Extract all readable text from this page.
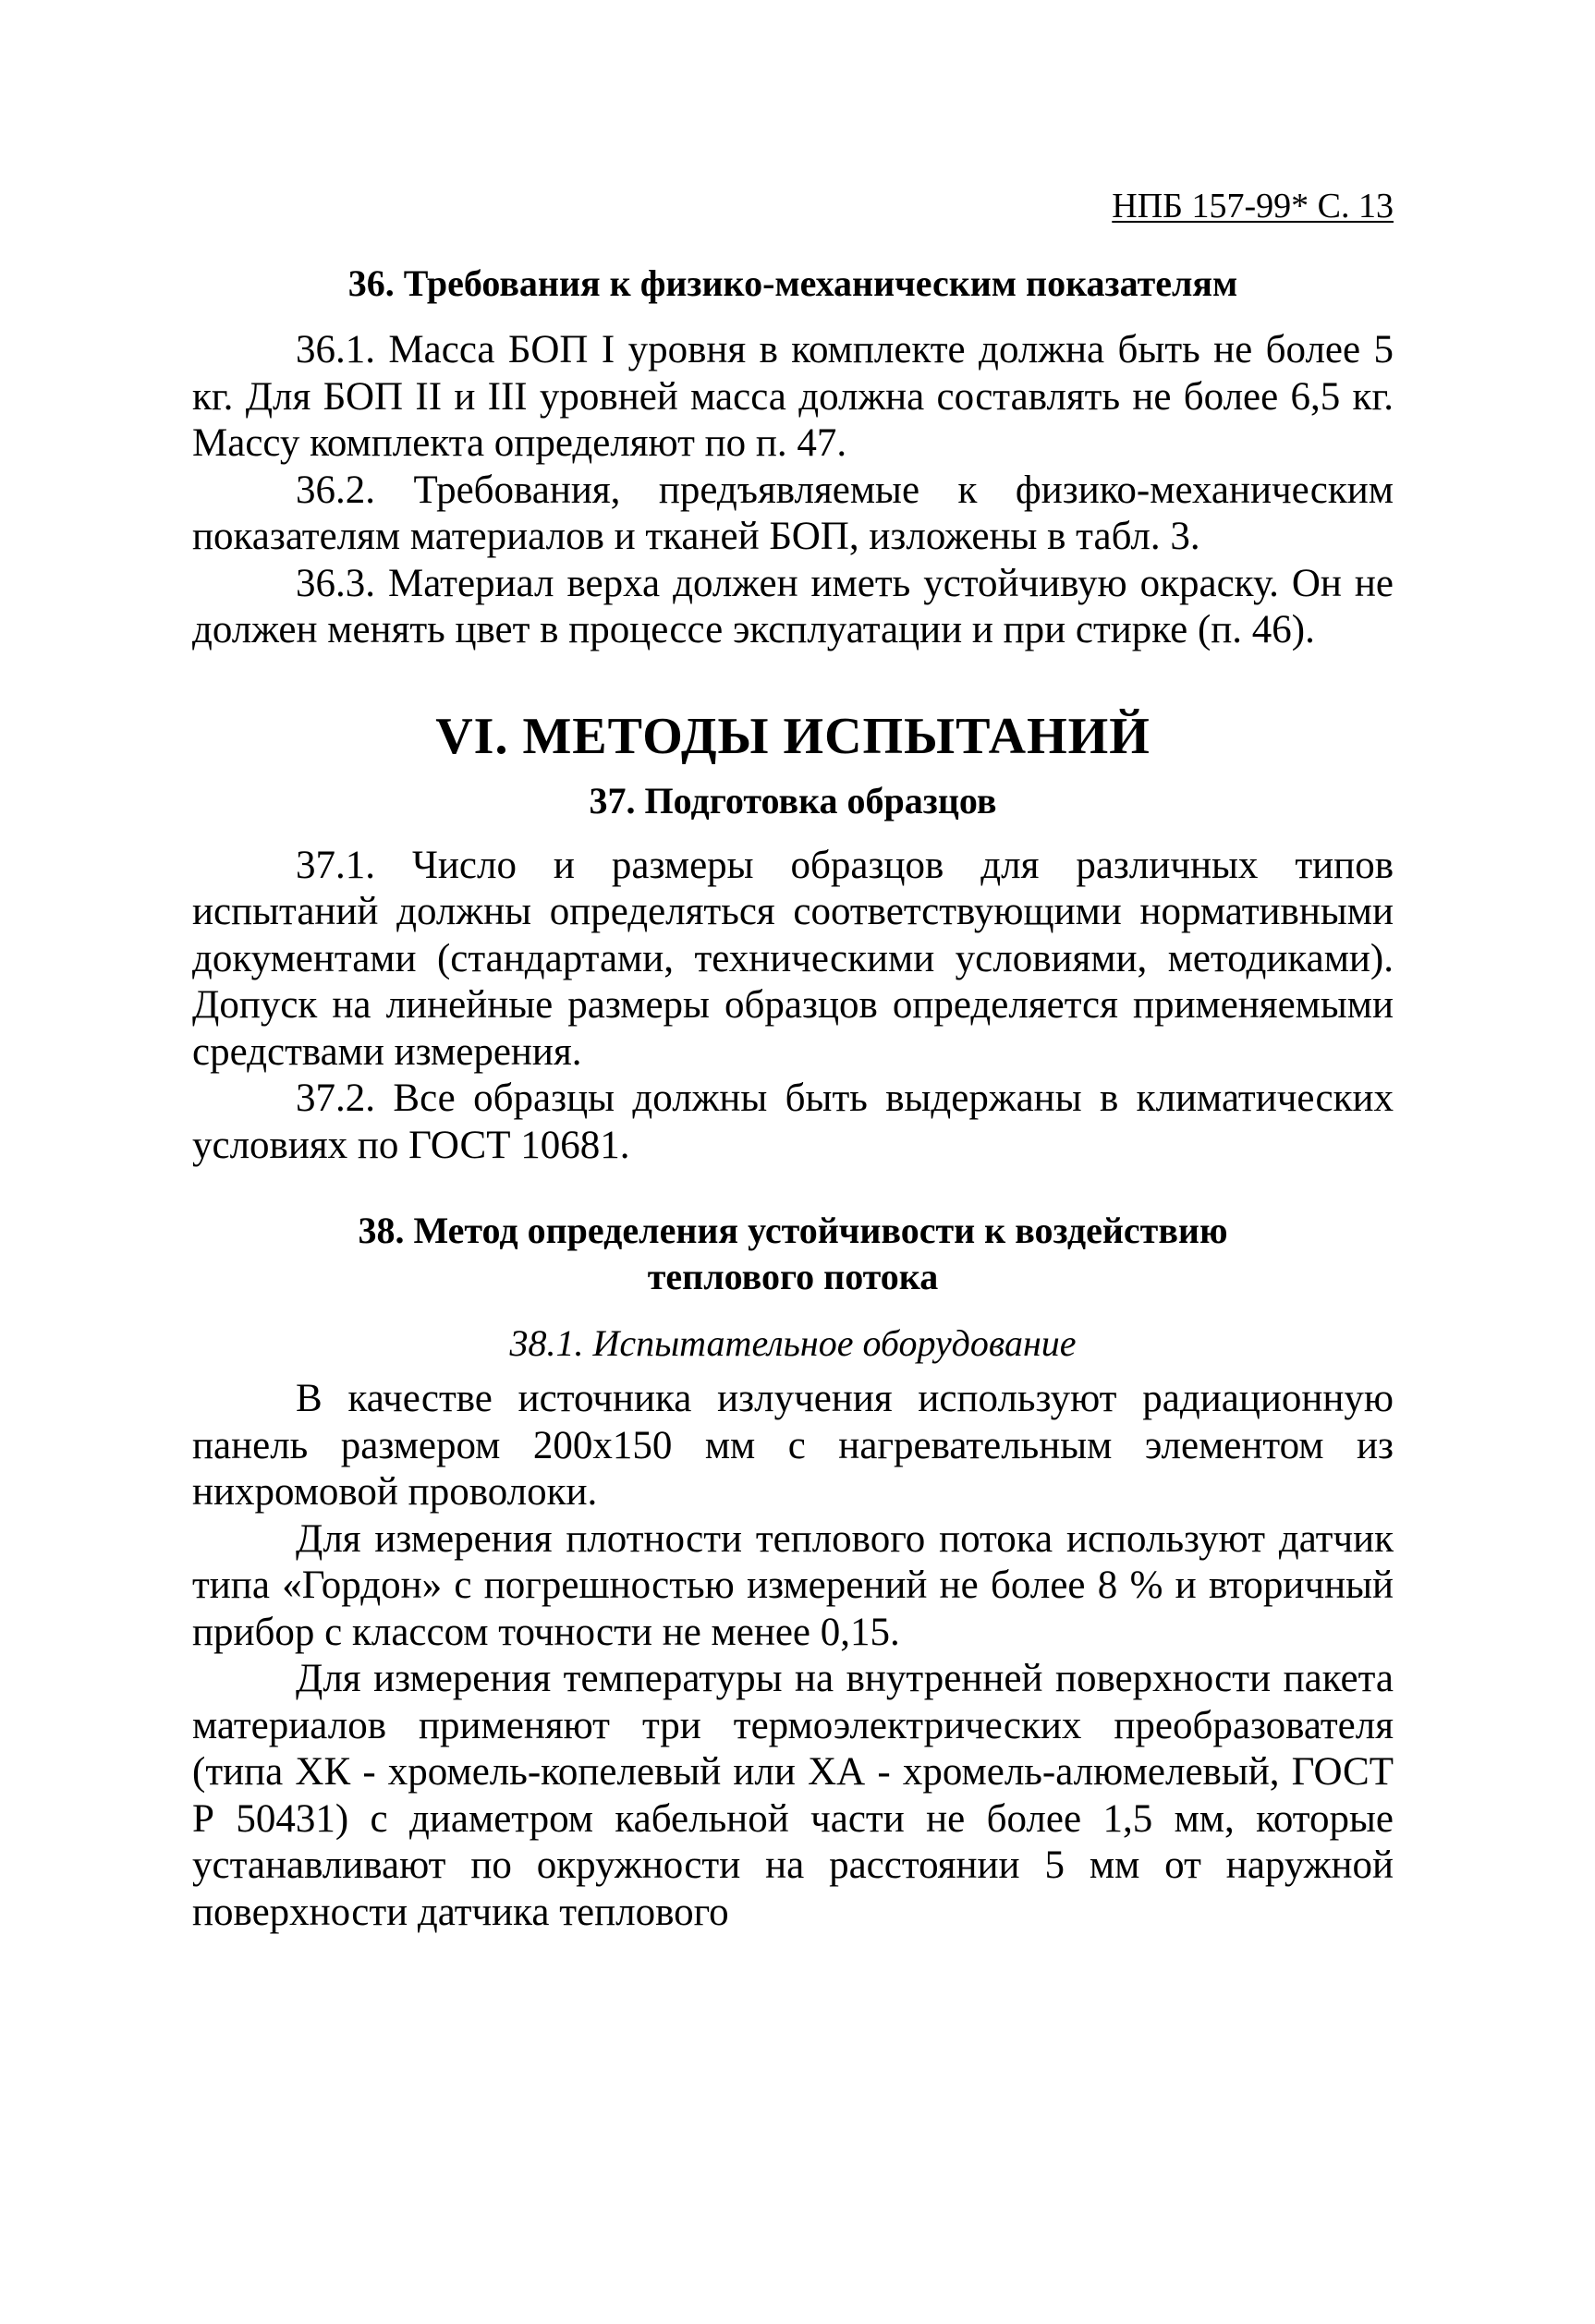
НПБ 157-99* С. 13
36. Требования к физико-механическим показателям

36.1. Масса БОП I уровня в комплекте должна быть не более 5 кг. Для БОП II и III уровней масса должна составлять не более 6,5 кг. Массу комплекта определяют по п. 47.

36.2. Требования, предъявляемые к физико-механическим показателям материалов и тканей БОП, изложены в табл. 3.

36.3. Материал верха должен иметь устойчивую окраску. Он не должен менять цвет в процессе эксплуатации и при стирке (п. 46).

VI. МЕТОДЫ ИСПЫТАНИЙ
37. Подготовка образцов

37.1. Число и размеры образцов для различных типов испытаний должны определяться соответствующими нормативными документами (стандартами, техническими условиями, методиками). Допуск на линейные размеры образцов определяется применяемыми средствами измерения.

37.2. Все образцы должны быть выдержаны в климатических условиях по ГОСТ 10681.

38. Метод определения устойчивости к воздействию
теплового потока
38.1. Испытательное оборудование

В качестве источника излучения используют радиационную панель размером 200х150 мм с нагревательным элементом из нихромовой проволоки.

Для измерения плотности теплового потока используют датчик типа «Гордон» с погрешностью измерений не более 8 % и вторичный прибор с классом точности не менее 0,15.

Для измерения температуры на внутренней поверхности пакета материалов применяют три термоэлектрических преобразователя (типа ХК - хромель-копелевый или ХА - хромель-алюмелевый, ГОСТ Р 50431) с диаметром кабельной части не более 1,5 мм, которые устанавливают по окружности на расстоянии 5 мм от наружной поверхности датчика теплового
